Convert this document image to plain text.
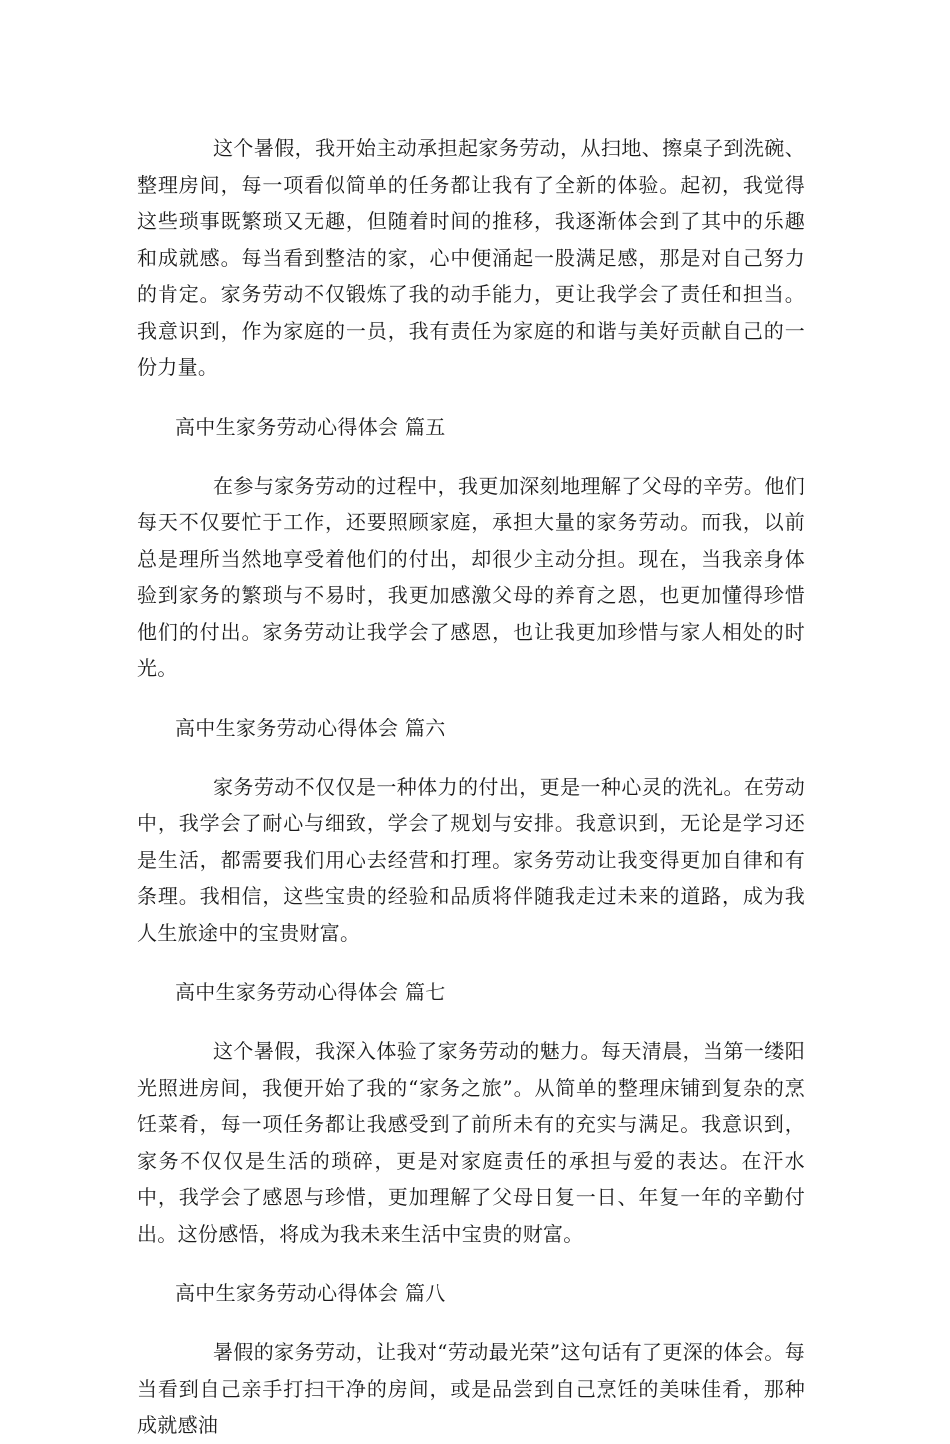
这个暑假，我开始主动承担起家务劳动，从扫地、擦桌子到洗碗、整理房间，每一项看似简单的任务都让我有了全新的体验。起初，我觉得这些琐事既繁琐又无趣，但随着时间的推移，我逐渐体会到了其中的乐趣和成就感。每当看到整洁的家，心中便涌起一股满足感，那是对自己努力的肯定。家务劳动不仅锻炼了我的动手能力，更让我学会了责任和担当。我意识到，作为家庭的一员，我有责任为家庭的和谐与美好贡献自己的一份力量。

高中生家务劳动心得体会 篇五

在参与家务劳动的过程中，我更加深刻地理解了父母的辛劳。他们每天不仅要忙于工作，还要照顾家庭，承担大量的家务劳动。而我，以前总是理所当然地享受着他们的付出，却很少主动分担。现在，当我亲身体验到家务的繁琐与不易时，我更加感激父母的养育之恩，也更加懂得珍惜他们的付出。家务劳动让我学会了感恩，也让我更加珍惜与家人相处的时光。

高中生家务劳动心得体会 篇六

家务劳动不仅仅是一种体力的付出，更是一种心灵的洗礼。在劳动中，我学会了耐心与细致，学会了规划与安排。我意识到，无论是学习还是生活，都需要我们用心去经营和打理。家务劳动让我变得更加自律和有条理。我相信，这些宝贵的经验和品质将伴随我走过未来的道路，成为我人生旅途中的宝贵财富。

高中生家务劳动心得体会 篇七

这个暑假，我深入体验了家务劳动的魅力。每天清晨，当第一缕阳光照进房间，我便开始了我的“家务之旅”。从简单的整理床铺到复杂的烹饪菜肴，每一项任务都让我感受到了前所未有的充实与满足。我意识到，家务不仅仅是生活的琐碎，更是对家庭责任的承担与爱的表达。在汗水中，我学会了感恩与珍惜，更加理解了父母日复一日、年复一年的辛勤付出。这份感悟，将成为我未来生活中宝贵的财富。

高中生家务劳动心得体会 篇八

暑假的家务劳动，让我对“劳动最光荣”这句话有了更深的体会。每当看到自己亲手打扫干净的房间，或是品尝到自己烹饪的美味佳肴，那种成就感油
